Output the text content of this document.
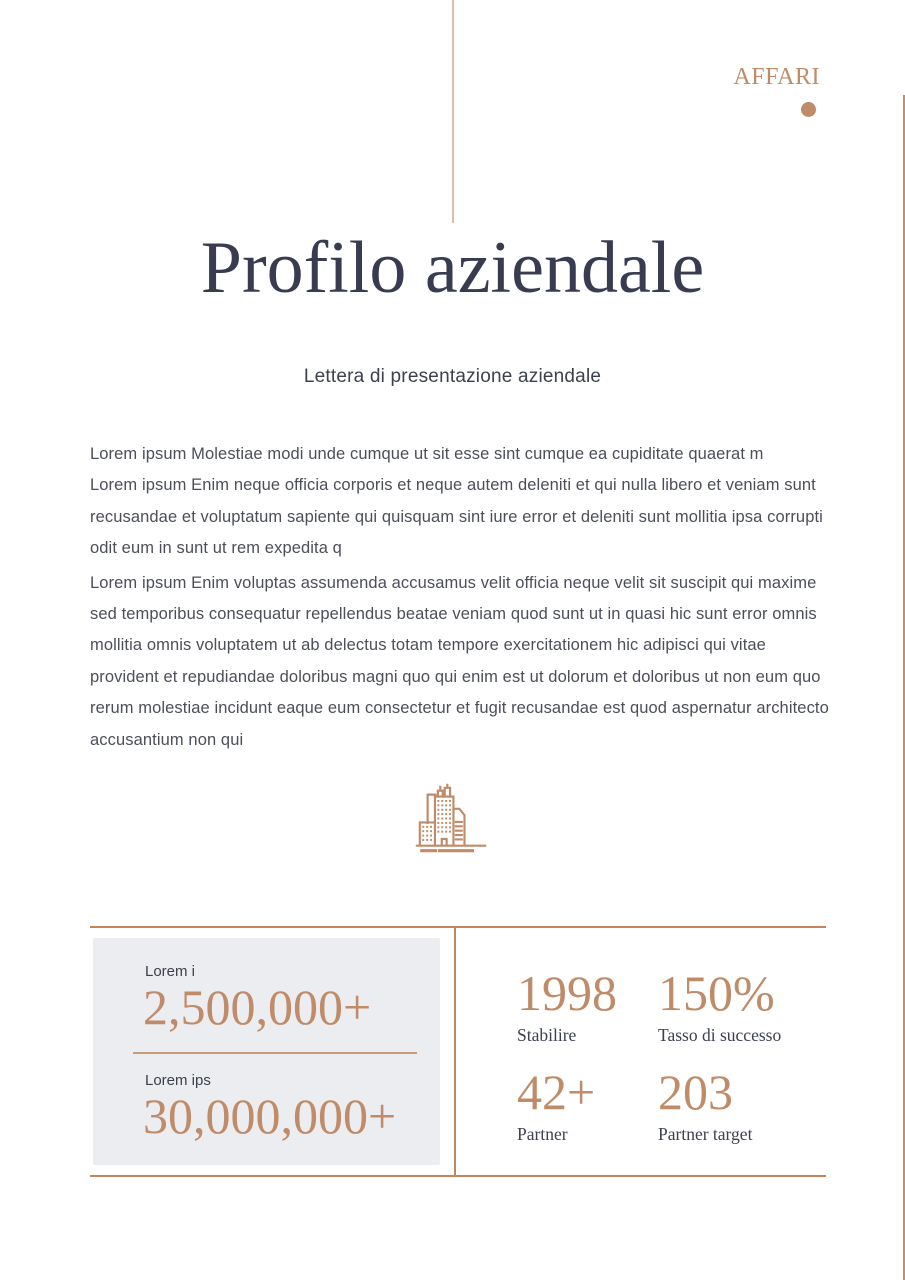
AFFARI
Profilo aziendale
Lettera di presentazione aziendale
Lorem ipsum Molestiae modi unde cumque ut sit esse sint cumque ea cupiditate quaerat m
Lorem ipsum Enim neque officia corporis et neque autem deleniti et qui nulla libero et veniam sunt
recusandae et voluptatum sapiente qui quisquam sint iure error et deleniti sunt mollitia ipsa corrupti
odit eum in sunt ut rem expedita q
Lorem ipsum Enim voluptas assumenda accusamus velit officia neque velit sit suscipit qui maxime
sed temporibus consequatur repellendus beatae veniam quod sunt ut in quasi hic sunt error omnis
mollitia omnis voluptatem ut ab delectus totam tempore exercitationem hic adipisci qui vitae
provident et repudiandae doloribus magni quo qui enim est ut dolorum et doloribus ut non eum quo
rerum molestiae incidunt eaque eum consectetur et fugit recusandae est quod aspernatur architecto
accusantium non qui
Lorem i
2,500,000+
Lorem ips
30,000,000+
1998
Stabilire
150%
Tasso di successo
42+
Partner
203
Partner target
